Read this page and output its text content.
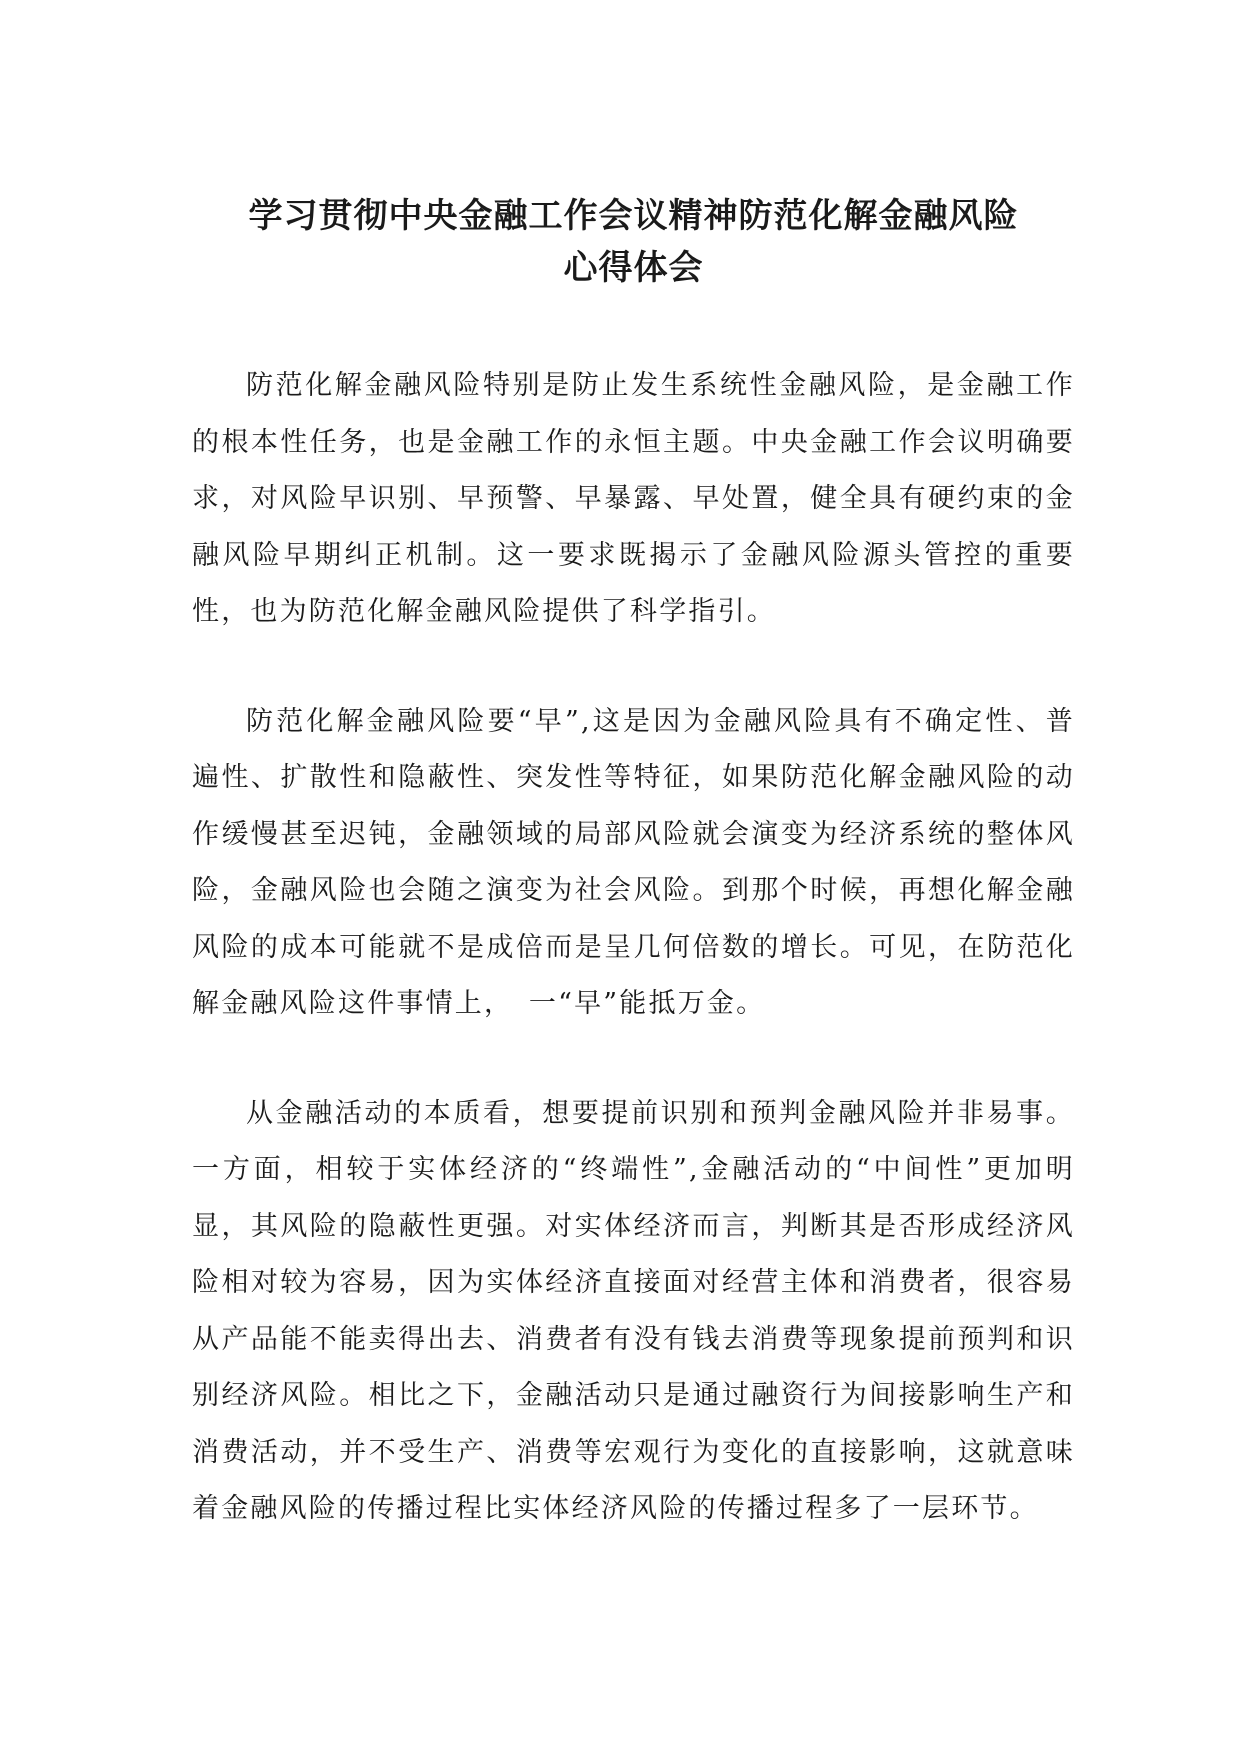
学习贯彻中央金融工作会议精神防范化解金融风险
心得体会

防范化解金融风险特别是防止发生系统性金融风险，是金融工作的根本性任务，也是金融工作的永恒主题。中央金融工作会议明确要求，对风险早识别、早预警、早暴露、早处置，健全具有硬约束的金融风险早期纠正机制。这一要求既揭示了金融风险源头管控的重要性，也为防范化解金融风险提供了科学指引。

防范化解金融风险要“早”,这是因为金融风险具有不确定性、普遍性、扩散性和隐蔽性、突发性等特征，如果防范化解金融风险的动作缓慢甚至迟钝，金融领域的局部风险就会演变为经济系统的整体风险，金融风险也会随之演变为社会风险。到那个时候，再想化解金融风险的成本可能就不是成倍而是呈几何倍数的增长。可见，在防范化解金融风险这件事情上，　一“早”能抵万金。

从金融活动的本质看，想要提前识别和预判金融风险并非易事。一方面，相较于实体经济的“终端性”,金融活动的“中间性”更加明显，其风险的隐蔽性更强。对实体经济而言，判断其是否形成经济风险相对较为容易，因为实体经济直接面对经营主体和消费者，很容易从产品能不能卖得出去、消费者有没有钱去消费等现象提前预判和识别经济风险。相比之下，金融活动只是通过融资行为间接影响生产和消费活动，并不受生产、消费等宏观行为变化的直接影响，这就意味着金融风险的传播过程比实体经济风险的传播过程多了一层环节。
